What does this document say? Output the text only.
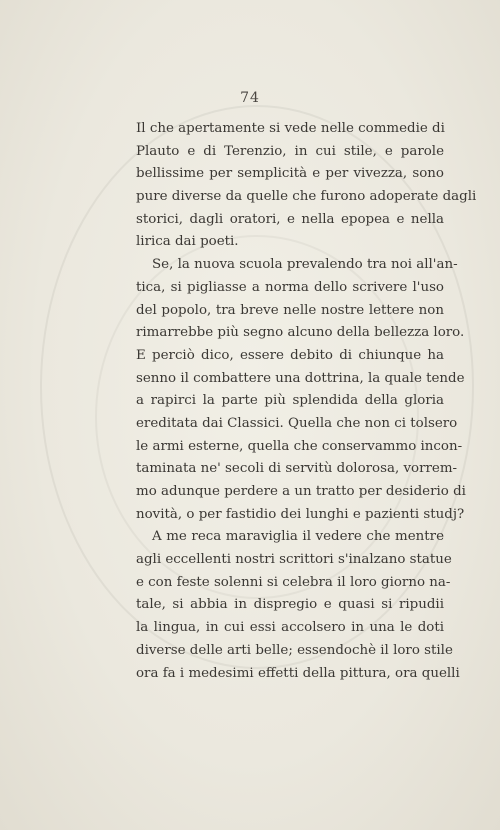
74
Il che apertamente si vede nelle commedie di
Plauto e di Terenzio, in cui stile, e parole
bellissime per semplicità e per vivezza, sono
pure diverse da quelle che furono adoperate dagli
storici, dagli oratori, e nella epopea e nella
lirica dai poeti.
Se, la nuova scuola prevalendo tra noi all'an-
tica, si pigliasse a norma dello scrivere l'uso
del popolo, tra breve nelle nostre lettere non
rimarrebbe più segno alcuno della bellezza loro.
E perciò dico, essere debito di chiunque ha
senno il combattere una dottrina, la quale tende
a rapirci la parte più splendida della gloria
ereditata dai Classici. Quella che non ci tolsero
le armi esterne, quella che conservammo incon-
taminata ne' secoli di servitù dolorosa, vorrem-
mo adunque perdere a un tratto per desiderio di
novità, o per fastidio dei lunghi e pazienti studj?
A me reca maraviglia il vedere che mentre
agli eccellenti nostri scrittori s'inalzano statue
e con feste solenni si celebra il loro giorno na-
tale, si abbia in dispregio e quasi si ripudii
la lingua, in cui essi accolsero in una le doti
diverse delle arti belle; essendochè il loro stile
ora fa i medesimi effetti della pittura, ora quelli
